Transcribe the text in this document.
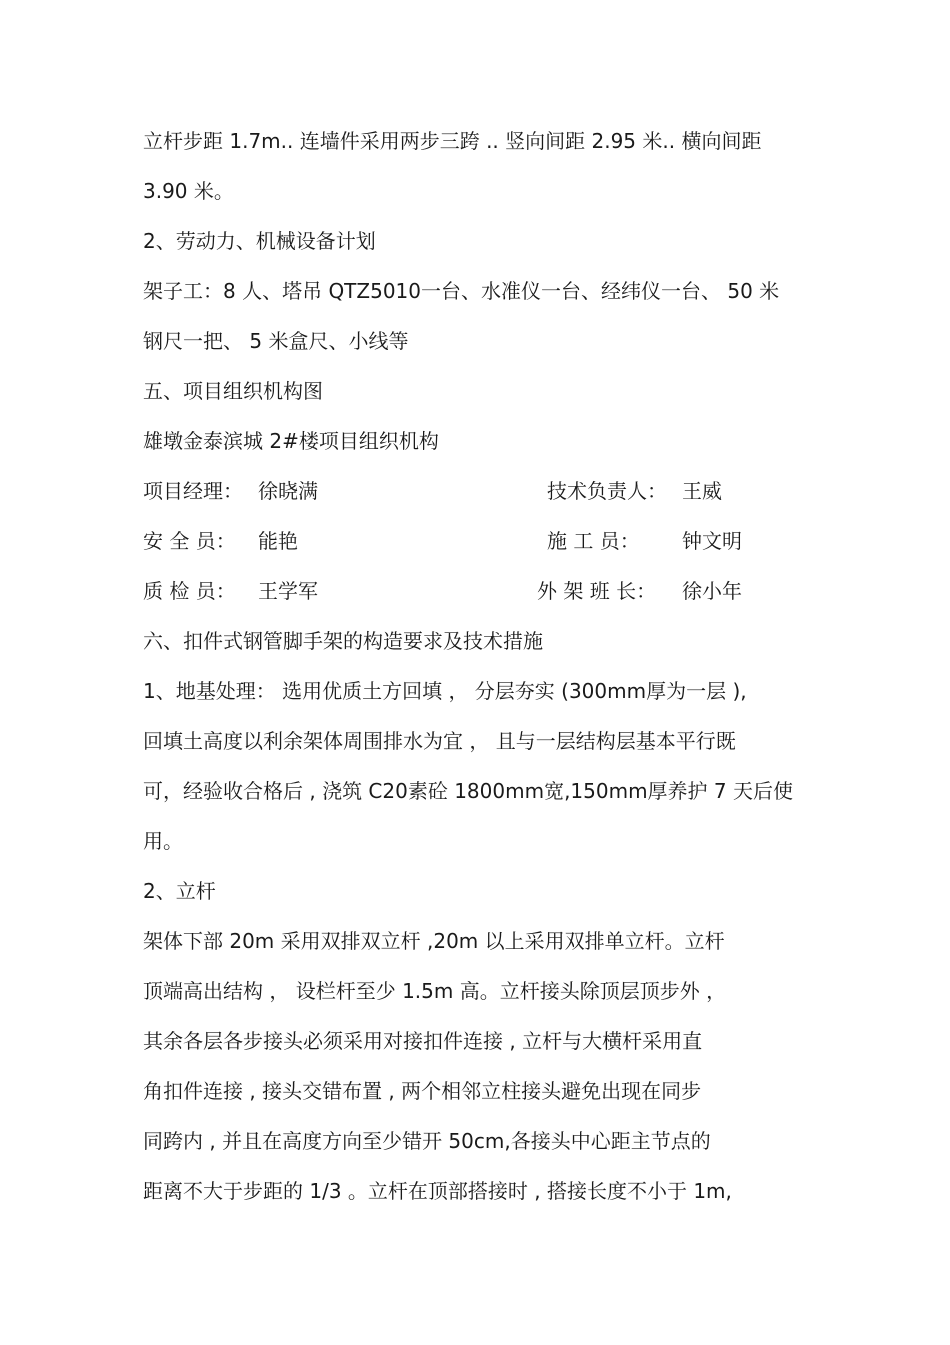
立杆步距 1.7m.. 连墙件采用两步三跨 .. 竖向间距 2.95 米.. 横向间距
3.90 米。
2、劳动力、机械设备计划
架子工：8 人、塔吊 QTZ5010一台、水准仪一台、经纬仪一台、 50 米
钢尺一把、 5 米盒尺、小线等
五、项目组织机构图
雄墩金泰滨城 2#楼项目组织机构
项目经理： 徐晓满	技术负责人： 王威
安 全 员： 能艳	施 工 员： 钟文明
质 检 员： 王学军	外 架 班 长： 徐小年
六、扣件式钢管脚手架的构造要求及技术措施
1、地基处理： 选用优质土方回填 ， 分层夯实 (300mm厚为一层 ),
回填土高度以利余架体周围排水为宜 ， 且与一层结构层基本平行既
可，经验收合格后 , 浇筑 C20素砼 1800mm宽,150mm厚养护 7 天后使
用。
2、立杆
架体下部 20m 采用双排双立杆 ,20m 以上采用双排单立杆。立杆
顶端高出结构 ， 设栏杆至少 1.5m 高。立杆接头除顶层顶步外 ，
其余各层各步接头必须采用对接扣件连接 , 立杆与大横杆采用直
角扣件连接 , 接头交错布置 , 两个相邻立柱接头避免出现在同步
同跨内 , 并且在高度方向至少错开 50cm,各接头中心距主节点的
距离不大于步距的 1/3 。立杆在顶部搭接时 , 搭接长度不小于 1m,
